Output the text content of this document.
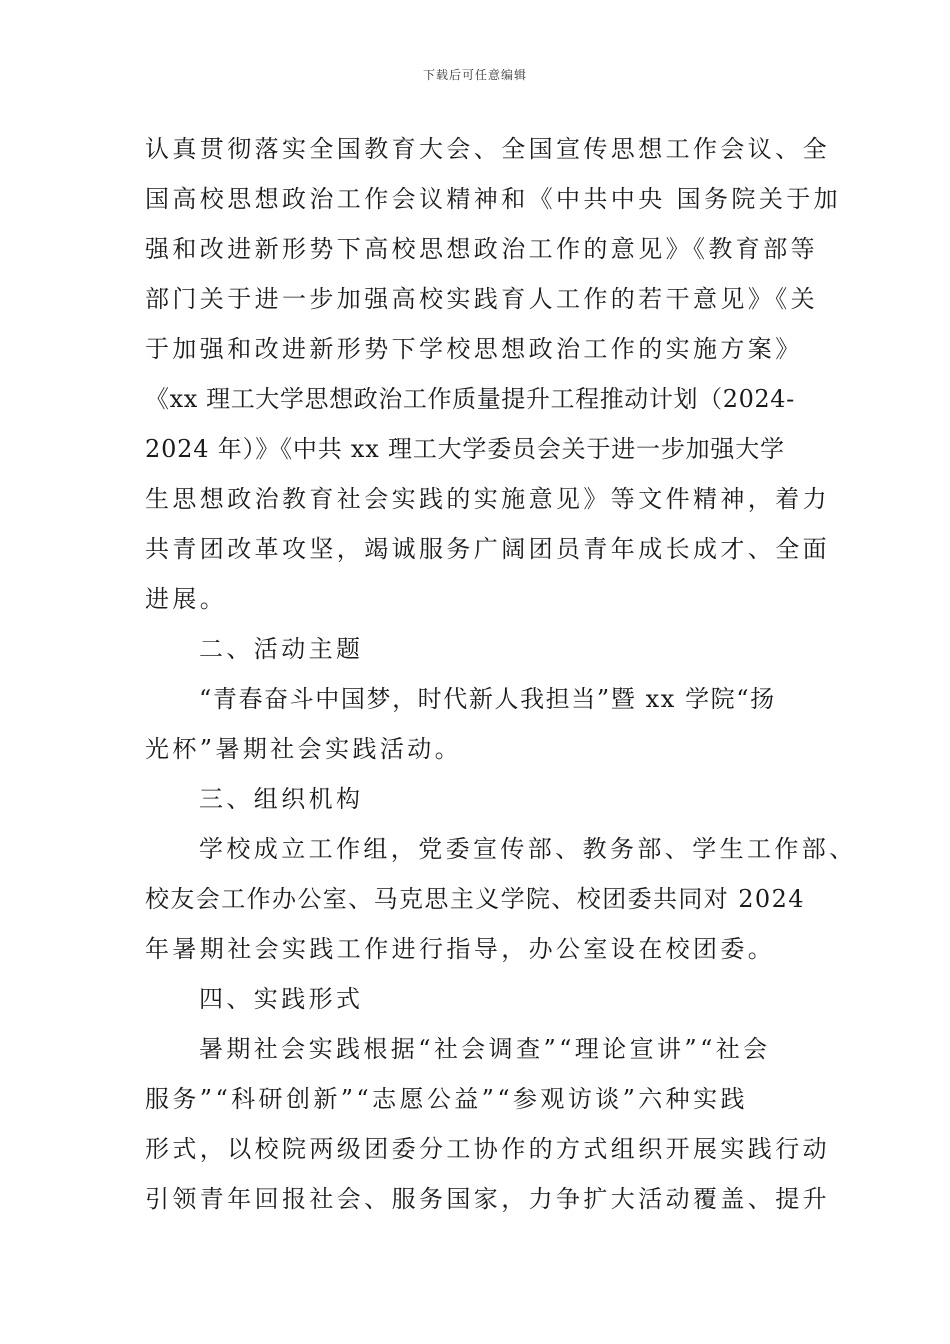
下载后可任意编辑
认真贯彻落实全国教育大会、全国宣传思想工作会议、全
国高校思想政治工作会议精神和《中共中央 国务院关于加
强和改进新形势下高校思想政治工作的意见》《教育部等
部门关于进一步加强高校实践育人工作的若干意见》《关
于加强和改进新形势下学校思想政治工作的实施方案》
《xx 理工大学思想政治工作质量提升工程推动计划（2024-
2024 年）》《中共 xx 理工大学委员会关于进一步加强大学
生思想政治教育社会实践的实施意见》等文件精神，着力
共青团改革攻坚，竭诚服务广阔团员青年成长成才、全面
进展。
二、活动主题
“青春奋斗中国梦，时代新人我担当”暨 xx 学院“扬
光杯”暑期社会实践活动。
三、组织机构
学校成立工作组，党委宣传部、教务部、学生工作部、
校友会工作办公室、马克思主义学院、校团委共同对 2024
年暑期社会实践工作进行指导，办公室设在校团委。
四、实践形式
暑期社会实践根据“社会调查”“理论宣讲”“社会
服务”“科研创新”“志愿公益”“参观访谈”六种实践
形式，以校院两级团委分工协作的方式组织开展实践行动
引领青年回报社会、服务国家，力争扩大活动覆盖、提升
